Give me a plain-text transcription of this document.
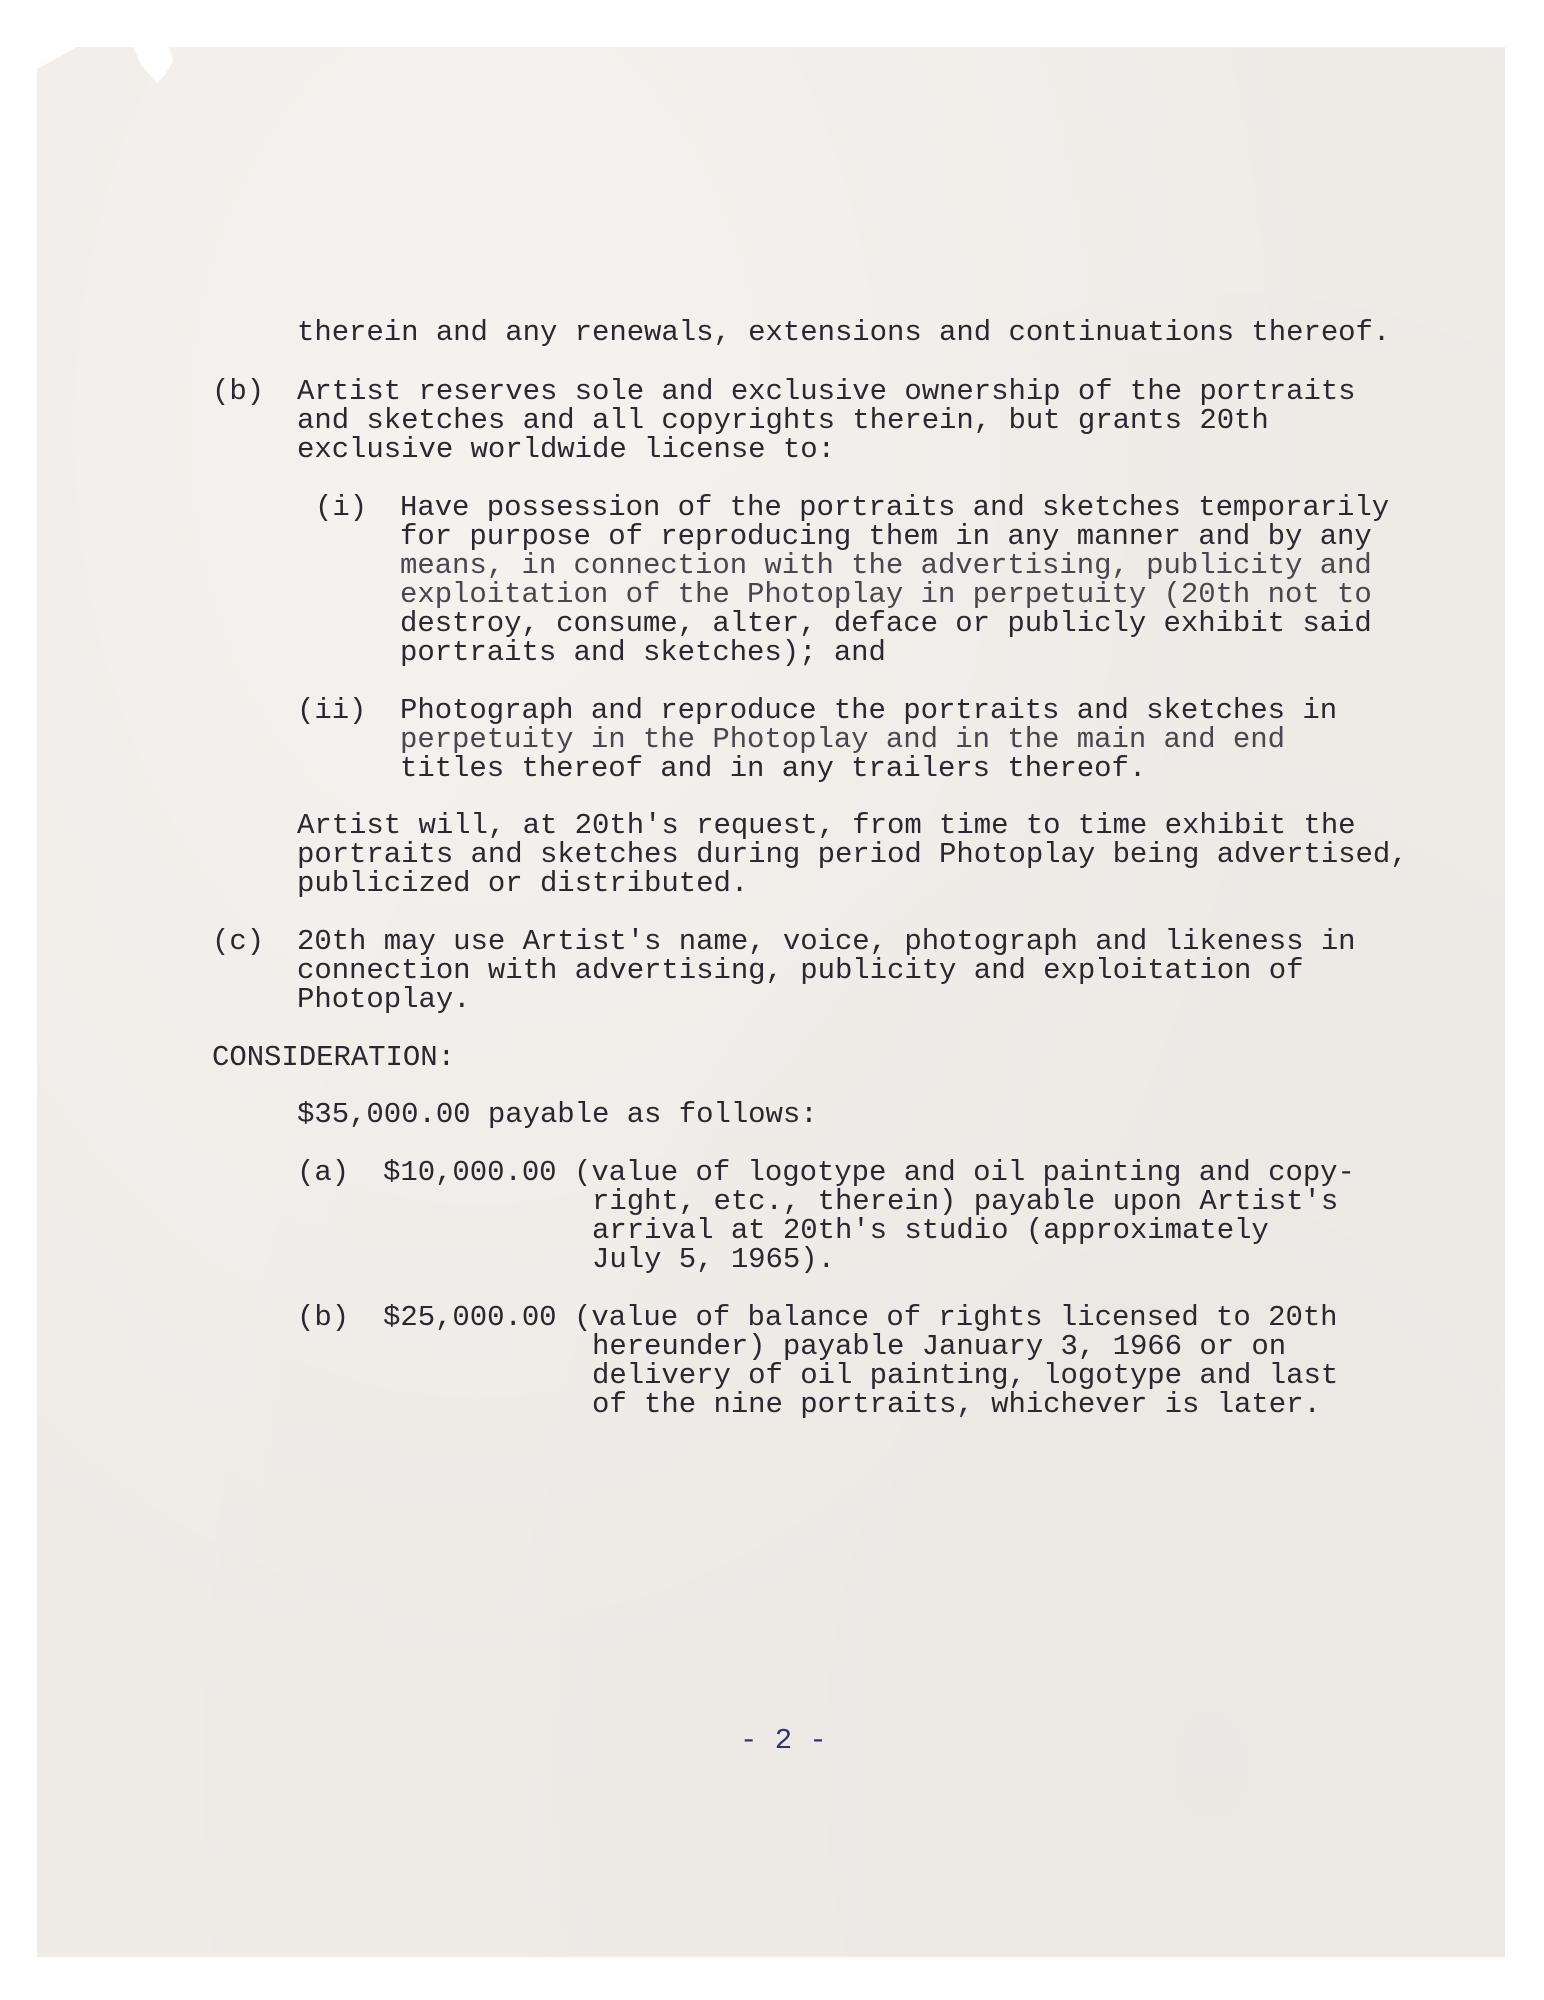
therein and any renewals, extensions and continuations thereof.
(b) Artist reserves sole and exclusive ownership of the portraits
and sketches and all copyrights therein, but grants 20th
exclusive worldwide license to:
(i) Have possession of the portraits and sketches temporarily
for purpose of reproducing them in any manner and by any
means, in connection with the advertising, publicity and
exploitation of the Photoplay in perpetuity (20th not to
destroy, consume, alter, deface or publicly exhibit said
portraits and sketches); and
(ii) Photograph and reproduce the portraits and sketches in
perpetuity in the Photoplay and in the main and end
titles thereof and in any trailers thereof.
Artist will, at 20th's request, from time to time exhibit the
portraits and sketches during period Photoplay being advertised,
publicized or distributed.
(c) 20th may use Artist's name, voice, photograph and likeness in
connection with advertising, publicity and exploitation of
Photoplay.
CONSIDERATION:
$35,000.00 payable as follows:
(a) $10,000.00 (value of logotype and oil painting and copy-
right, etc., therein) payable upon Artist's
arrival at 20th's studio (approximately
July 5, 1965).
(b) $25,000.00 (value of balance of rights licensed to 20th
hereunder) payable January 3, 1966 or on
delivery of oil painting, logotype and last
of the nine portraits, whichever is later.
- 2 -
